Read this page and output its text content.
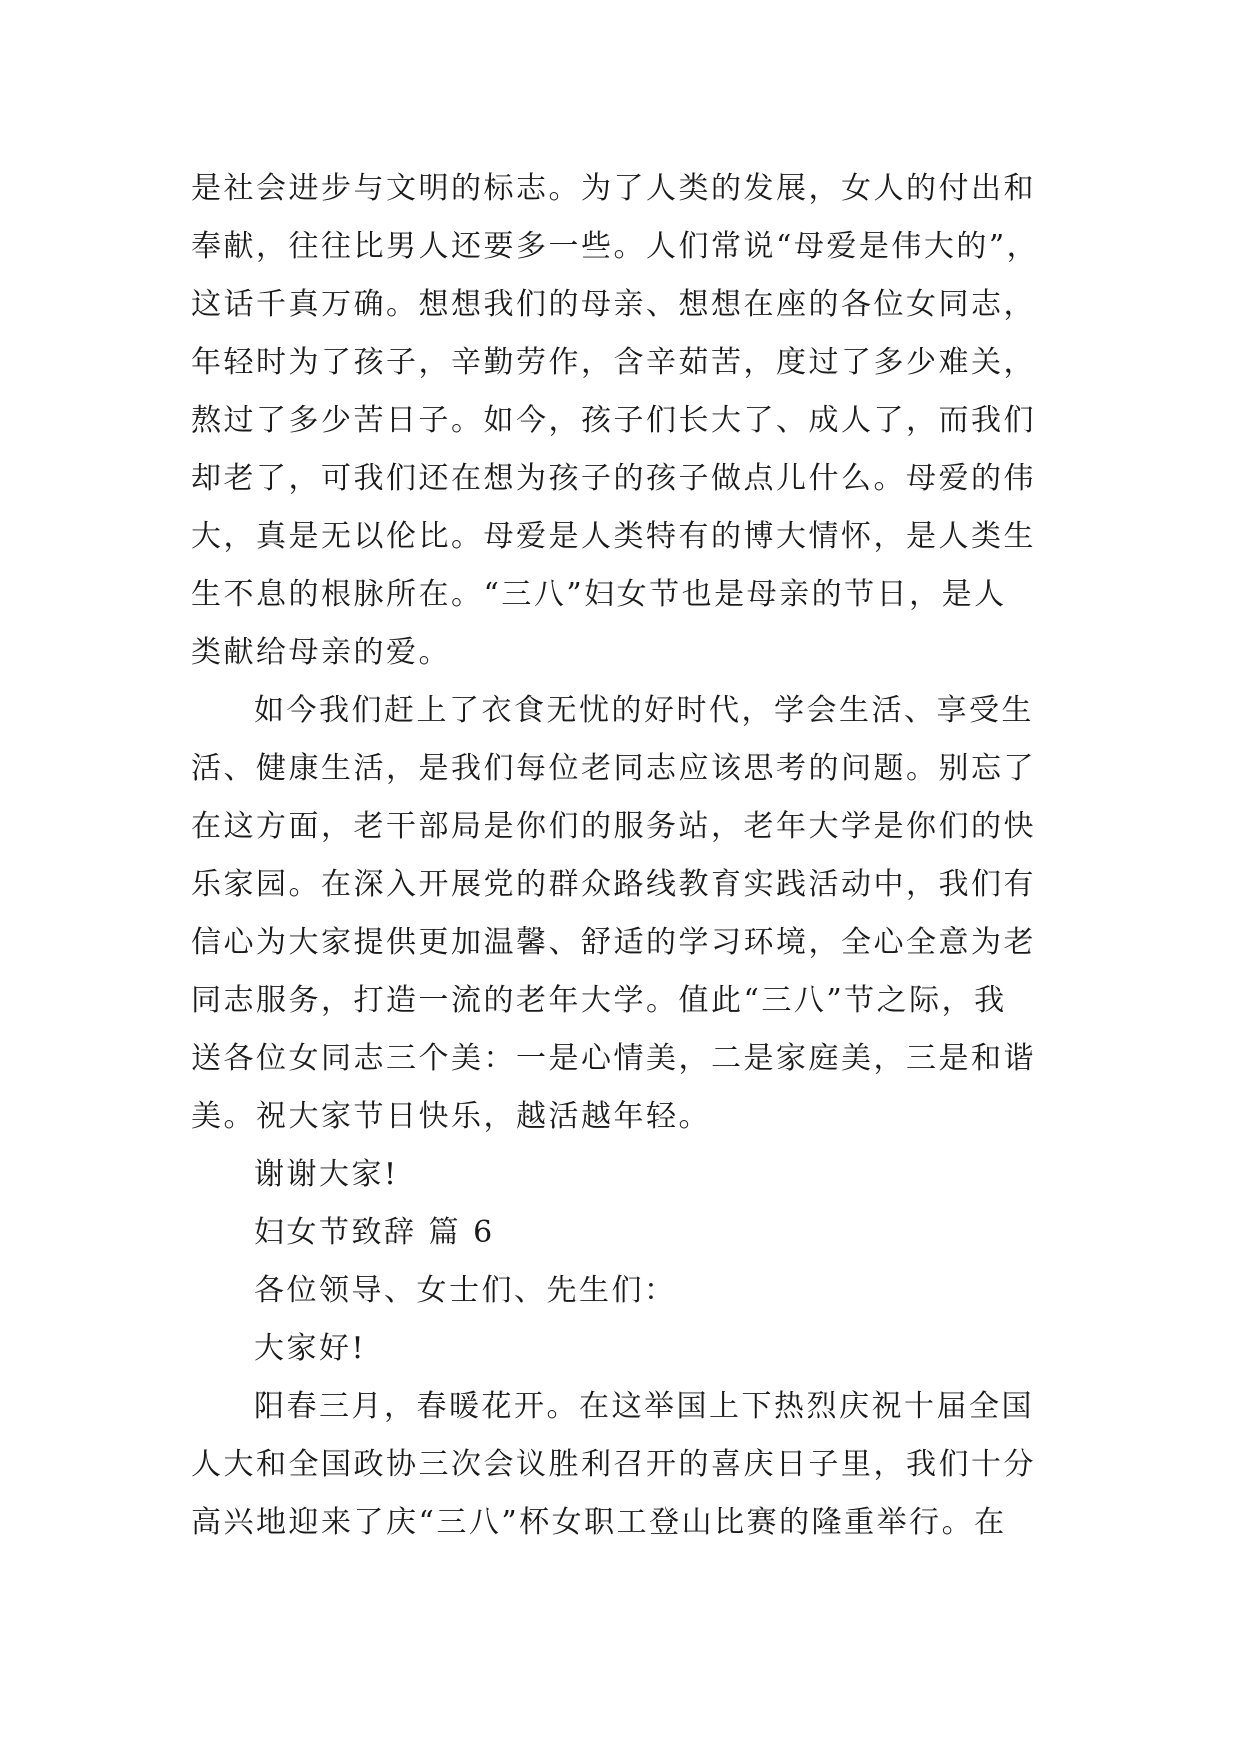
是社会进步与文明的标志。为了人类的发展，女人的付出和

奉献，往往比男人还要多一些。人们常说“母爱是伟大的”，

这话千真万确。想想我们的母亲、想想在座的各位女同志，

年轻时为了孩子，辛勤劳作，含辛茹苦，度过了多少难关，

熬过了多少苦日子。如今，孩子们长大了、成人了，而我们

却老了，可我们还在想为孩子的孩子做点儿什么。母爱的伟

大，真是无以伦比。母爱是人类特有的博大情怀，是人类生

生不息的根脉所在。“三八”妇女节也是母亲的节日，是人

类献给母亲的爱。

如今我们赶上了衣食无忧的好时代，学会生活、享受生

活、健康生活，是我们每位老同志应该思考的问题。别忘了

在这方面，老干部局是你们的服务站，老年大学是你们的快

乐家园。在深入开展党的群众路线教育实践活动中，我们有

信心为大家提供更加温馨、舒适的学习环境，全心全意为老

同志服务，打造一流的老年大学。值此“三八”节之际，我

送各位女同志三个美：一是心情美，二是家庭美，三是和谐

美。祝大家节日快乐，越活越年轻。

谢谢大家!

妇女节致辞 篇 6

各位领导、女士们、先生们：

大家好!

阳春三月，春暖花开。在这举国上下热烈庆祝十届全国

人大和全国政协三次会议胜利召开的喜庆日子里，我们十分

高兴地迎来了庆“三八”杯女职工登山比赛的隆重举行。在
